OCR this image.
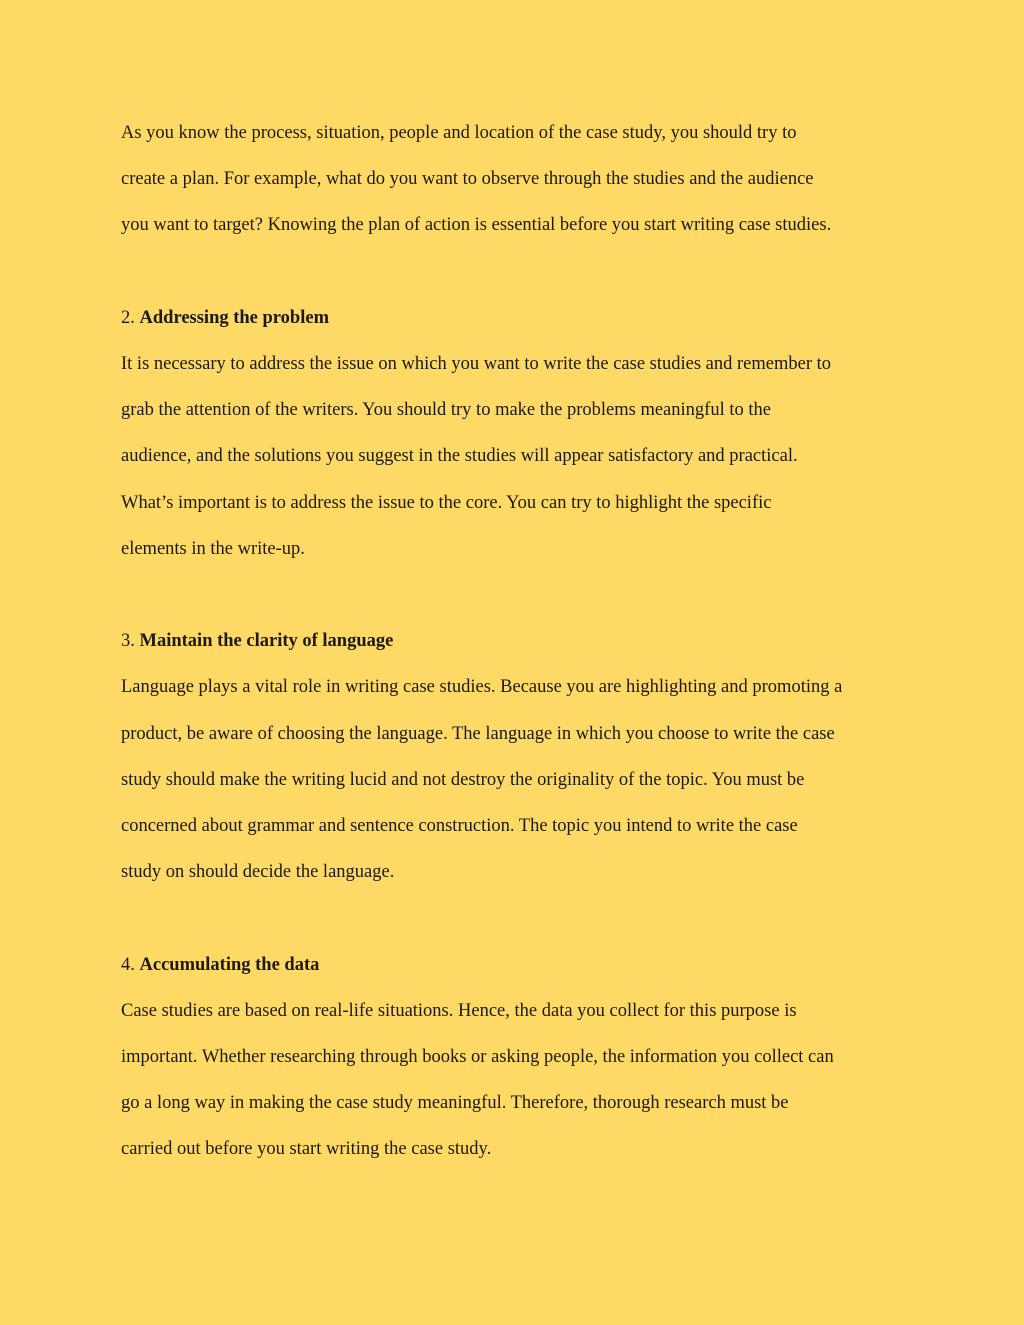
As you know the process, situation, people and location of the case study, you should try to
create a plan. For example, what do you want to observe through the studies and the audience
you want to target? Knowing the plan of action is essential before you start writing case studies.

2. Addressing the problem

It is necessary to address the issue on which you want to write the case studies and remember to
grab the attention of the writers. You should try to make the problems meaningful to the
audience, and the solutions you suggest in the studies will appear satisfactory and practical.
What’s important is to address the issue to the core. You can try to highlight the specific
elements in the write-up.

3. Maintain the clarity of language

Language plays a vital role in writing case studies. Because you are highlighting and promoting a
product, be aware of choosing the language. The language in which you choose to write the case
study should make the writing lucid and not destroy the originality of the topic. You must be
concerned about grammar and sentence construction. The topic you intend to write the case
study on should decide the language.

4. Accumulating the data

Case studies are based on real-life situations. Hence, the data you collect for this purpose is
important. Whether researching through books or asking people, the information you collect can
go a long way in making the case study meaningful. Therefore, thorough research must be
carried out before you start writing the case study.
